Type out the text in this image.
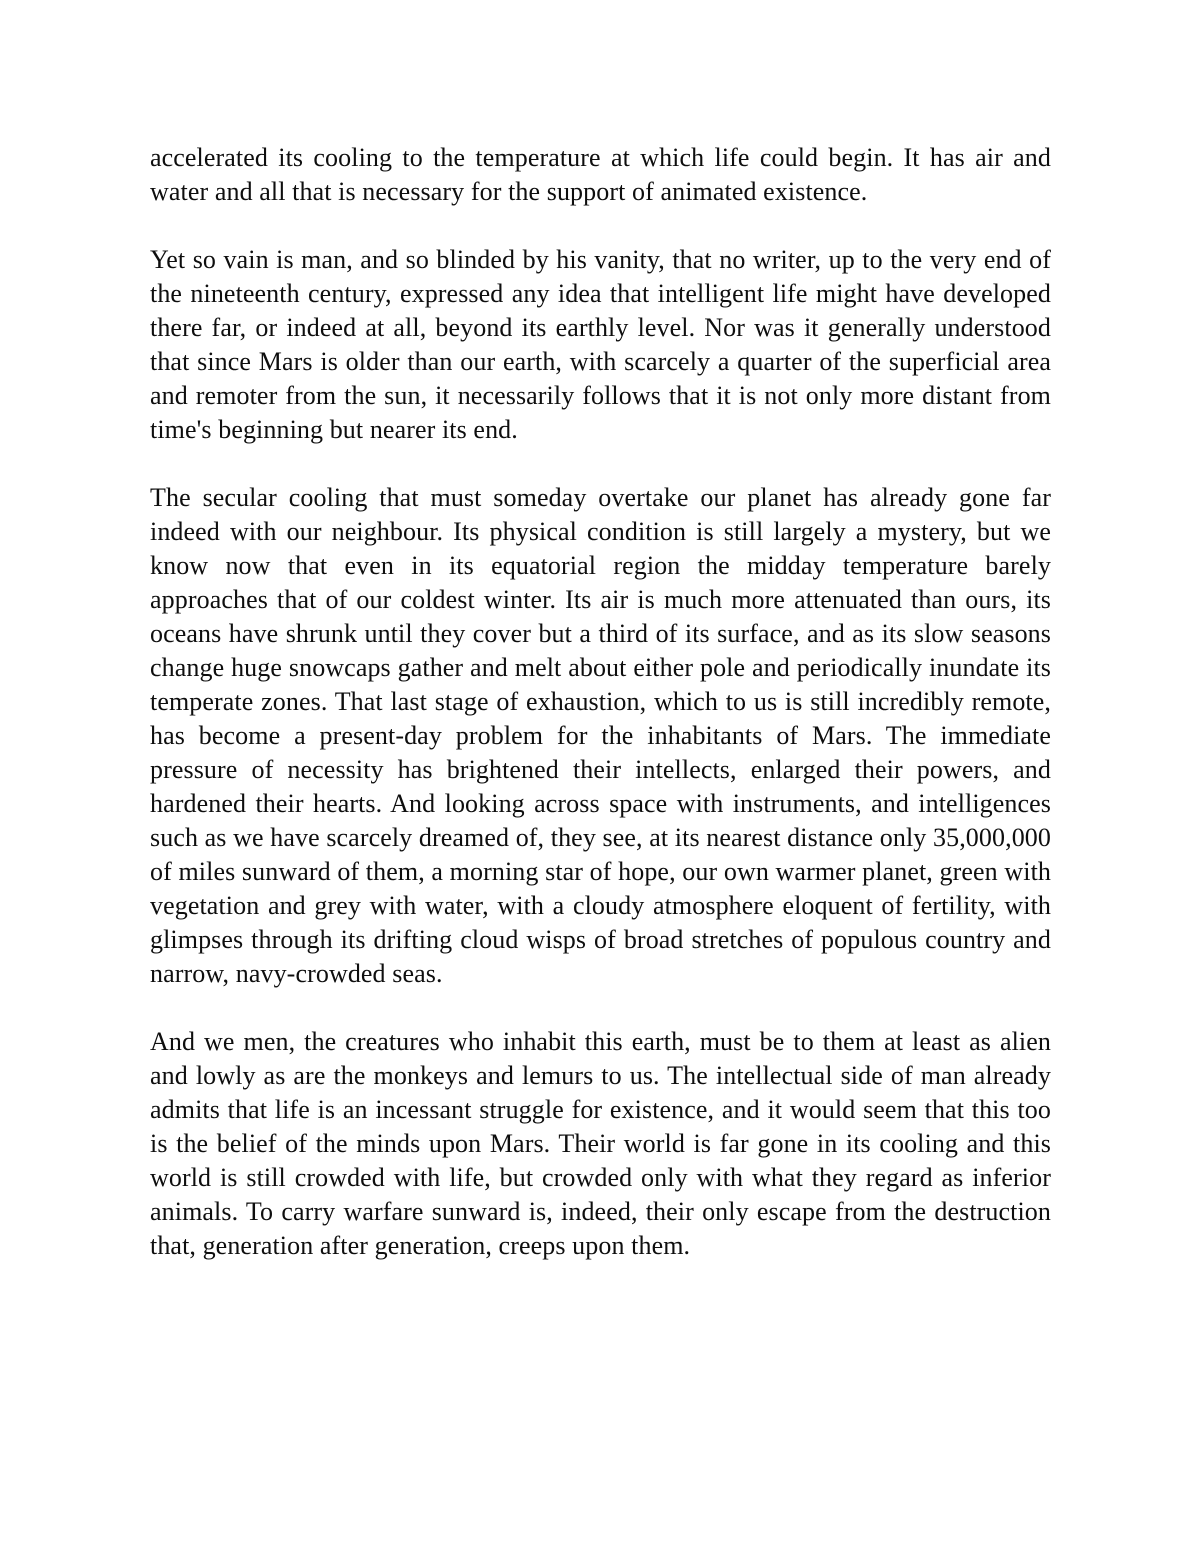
accelerated its cooling to the temperature at which life could begin. It has air and water and all that is necessary for the support of animated existence.

Yet so vain is man, and so blinded by his vanity, that no writer, up to the very end of the nineteenth century, expressed any idea that intelligent life might have developed there far, or indeed at all, beyond its earthly level. Nor was it generally understood that since Mars is older than our earth, with scarcely a quarter of the superficial area and remoter from the sun, it necessarily follows that it is not only more distant from time's beginning but nearer its end.

The secular cooling that must someday overtake our planet has already gone far indeed with our neighbour. Its physical condition is still largely a mystery, but we know now that even in its equatorial region the midday temperature barely approaches that of our coldest winter. Its air is much more attenuated than ours, its oceans have shrunk until they cover but a third of its surface, and as its slow seasons change huge snowcaps gather and melt about either pole and periodically inundate its temperate zones. That last stage of exhaustion, which to us is still incredibly remote, has become a present-day problem for the inhabitants of Mars. The immediate pressure of necessity has brightened their intellects, enlarged their powers, and hardened their hearts. And looking across space with instruments, and intelligences such as we have scarcely dreamed of, they see, at its nearest distance only 35,000,000 of miles sunward of them, a morning star of hope, our own warmer planet, green with vegetation and grey with water, with a cloudy atmosphere eloquent of fertility, with glimpses through its drifting cloud wisps of broad stretches of populous country and narrow, navy-crowded seas.

And we men, the creatures who inhabit this earth, must be to them at least as alien and lowly as are the monkeys and lemurs to us. The intellectual side of man already admits that life is an incessant struggle for existence, and it would seem that this too is the belief of the minds upon Mars. Their world is far gone in its cooling and this world is still crowded with life, but crowded only with what they regard as inferior animals. To carry warfare sunward is, indeed, their only escape from the destruction that, generation after generation, creeps upon them.
